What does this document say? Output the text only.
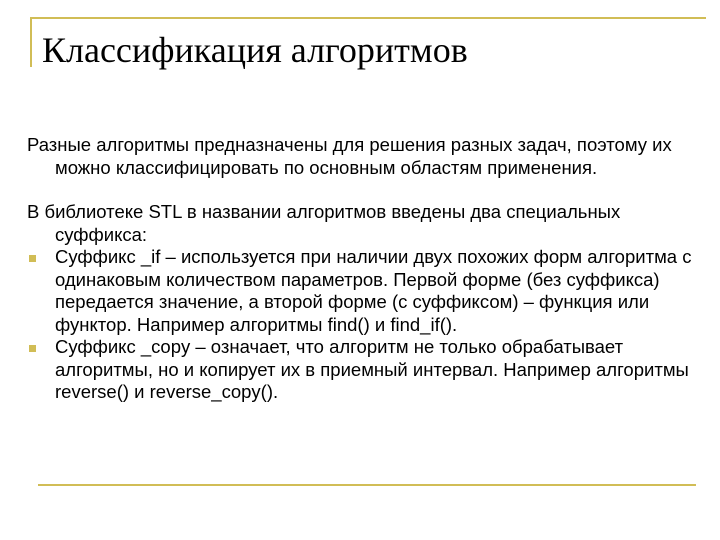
Классификация алгоритмов

Разные алгоритмы предназначены для решения разных задач, поэтому их можно классифицировать по основным областям применения.

В библиотеке STL в названии алгоритмов введены два специальных суффикса:

Суффикс _if – используется при наличии двух похожих форм алгоритма с одинаковым количеством параметров. Первой форме (без суффикса) передается значение, а второй форме (с суффиксом) – функция или функтор. Например алгоритмы find() и find_if().
Суффикс _copy – означает, что алгоритм не только обрабатывает алгоритмы, но и копирует их в приемный интервал. Например алгоритмы reverse() и reverse_copy().
